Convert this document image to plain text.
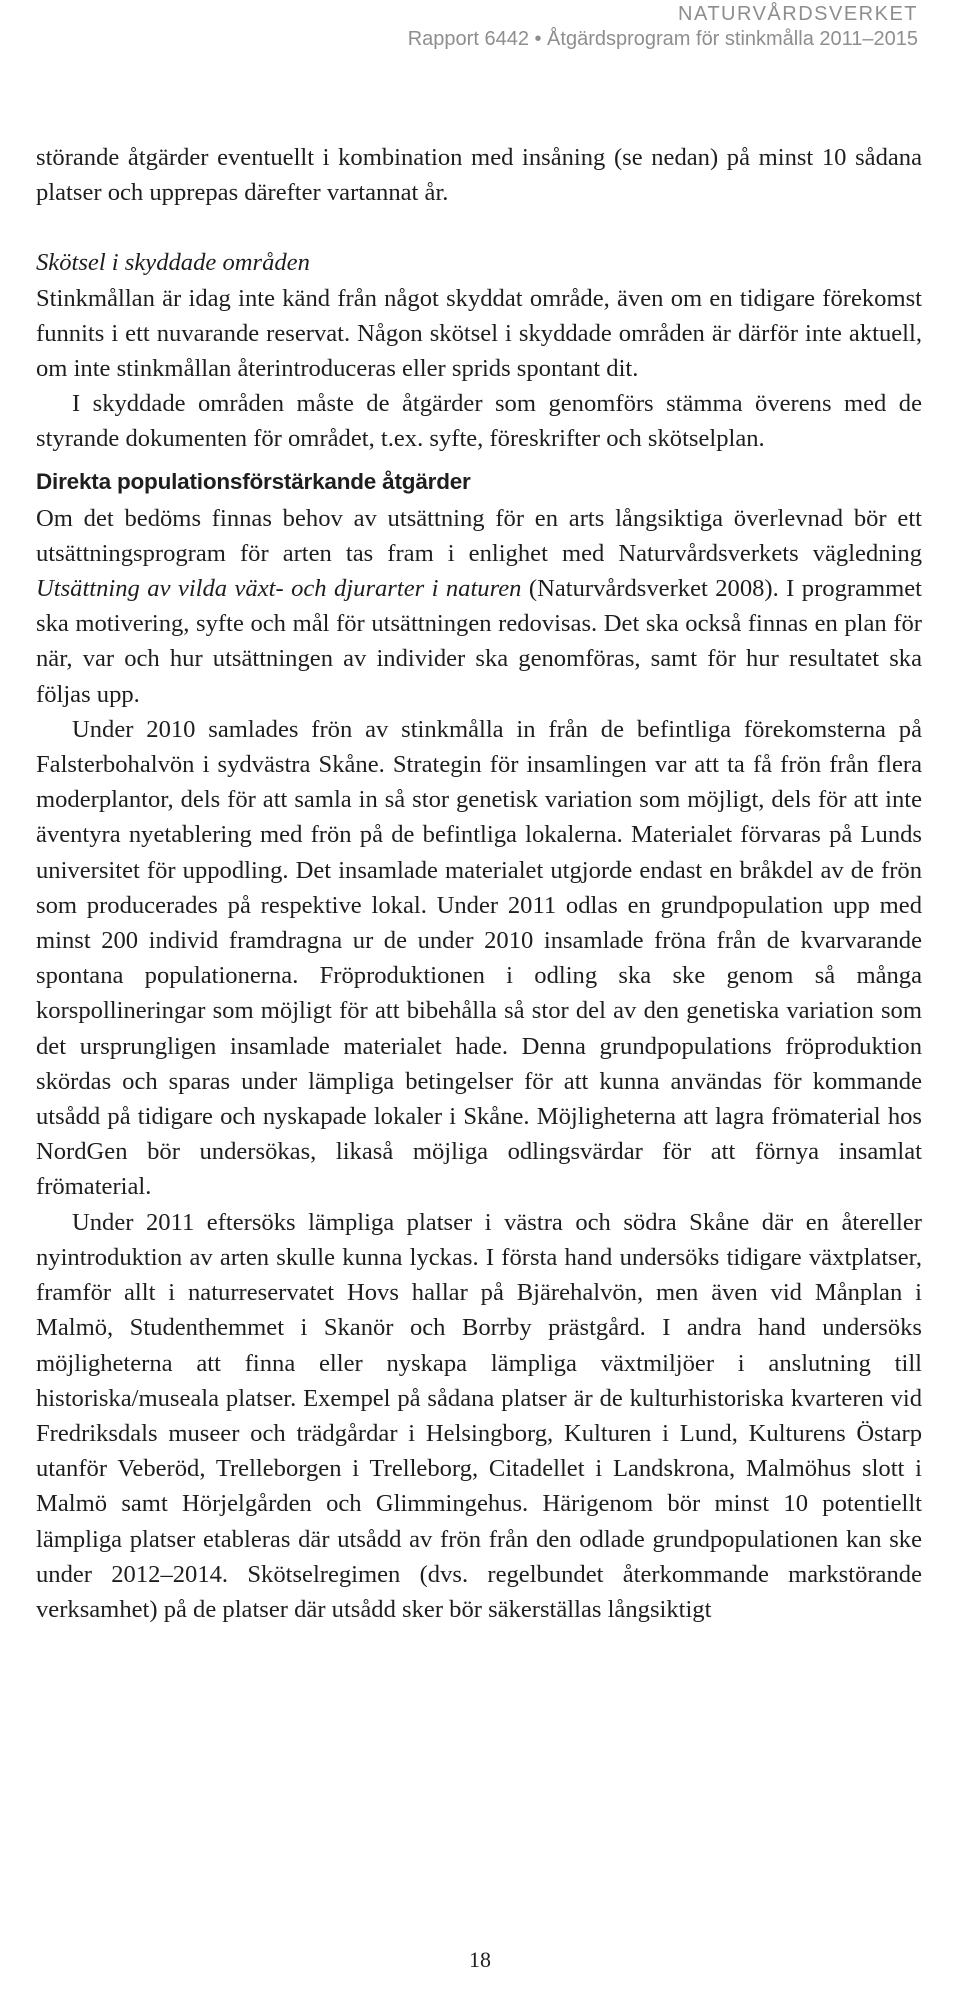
NATURVÅRDSVERKET
Rapport 6442 • Åtgärdsprogram för stinkmålla 2011–2015

störande åtgärder eventuellt i kombination med insåning (se nedan) på minst 10 sådana platser och upprepas därefter vartannat år.

Skötsel i skyddade områden

Stinkmållan är idag inte känd från något skyddat område, även om en tidigare förekomst funnits i ett nuvarande reservat. Någon skötsel i skyddade områden är därför inte aktuell, om inte stinkmållan återintroduceras eller sprids spontant dit.

I skyddade områden måste de åtgärder som genomförs stämma överens med de styrande dokumenten för området, t.ex. syfte, föreskrifter och skötselplan.

Direkta populationsförstärkande åtgärder

Om det bedöms finnas behov av utsättning för en arts långsiktiga överlevnad bör ett utsättningsprogram för arten tas fram i enlighet med Naturvårdsverkets vägledning Utsättning av vilda växt- och djurarter i naturen (Naturvårdsverket 2008). I programmet ska motivering, syfte och mål för utsättningen redovisas. Det ska också finnas en plan för när, var och hur utsättningen av individer ska genomföras, samt för hur resultatet ska följas upp.

Under 2010 samlades frön av stinkmålla in från de befintliga förekomsterna på Falsterbohalvön i sydvästra Skåne. Strategin för insamlingen var att ta få frön från flera moderplantor, dels för att samla in så stor genetisk variation som möjligt, dels för att inte äventyra nyetablering med frön på de befintliga lokalerna. Materialet förvaras på Lunds universitet för uppodling. Det insamlade materialet utgjorde endast en bråkdel av de frön som producerades på respektive lokal. Under 2011 odlas en grundpopulation upp med minst 200 individ framdragna ur de under 2010 insamlade fröna från de kvarvarande spontana populationerna. Fröproduktionen i odling ska ske genom så många korspollineringar som möjligt för att bibehålla så stor del av den genetiska variation som det ursprungligen insamlade materialet hade. Denna grundpopulations fröproduktion skördas och sparas under lämpliga betingelser för att kunna användas för kommande utsådd på tidigare och nyskapade lokaler i Skåne. Möjligheterna att lagra frömaterial hos NordGen bör undersökas, likaså möjliga odlingsvärdar för att förnya insamlat frömaterial.

Under 2011 eftersöks lämpliga platser i västra och södra Skåne där en återeller nyintroduktion av arten skulle kunna lyckas. I första hand undersöks tidigare växtplatser, framför allt i naturreservatet Hovs hallar på Bjärehalvön, men även vid Månplan i Malmö, Studenthemmet i Skanör och Borrby prästgård. I andra hand undersöks möjligheterna att finna eller nyskapa lämpliga växtmiljöer i anslutning till historiska/museala platser. Exempel på sådana platser är de kulturhistoriska kvarteren vid Fredriksdals museer och trädgårdar i Helsingborg, Kulturen i Lund, Kulturens Östarp utanför Veberöd, Trelleborgen i Trelleborg, Citadellet i Landskrona, Malmöhus slott i Malmö samt Hörjelgården och Glimmingehus. Härigenom bör minst 10 potentiellt lämpliga platser etableras där utsådd av frön från den odlade grundpopulationen kan ske under 2012–2014. Skötselregimen (dvs. regelbundet återkommande markstörande verksamhet) på de platser där utsådd sker bör säkerställas långsiktigt

18
